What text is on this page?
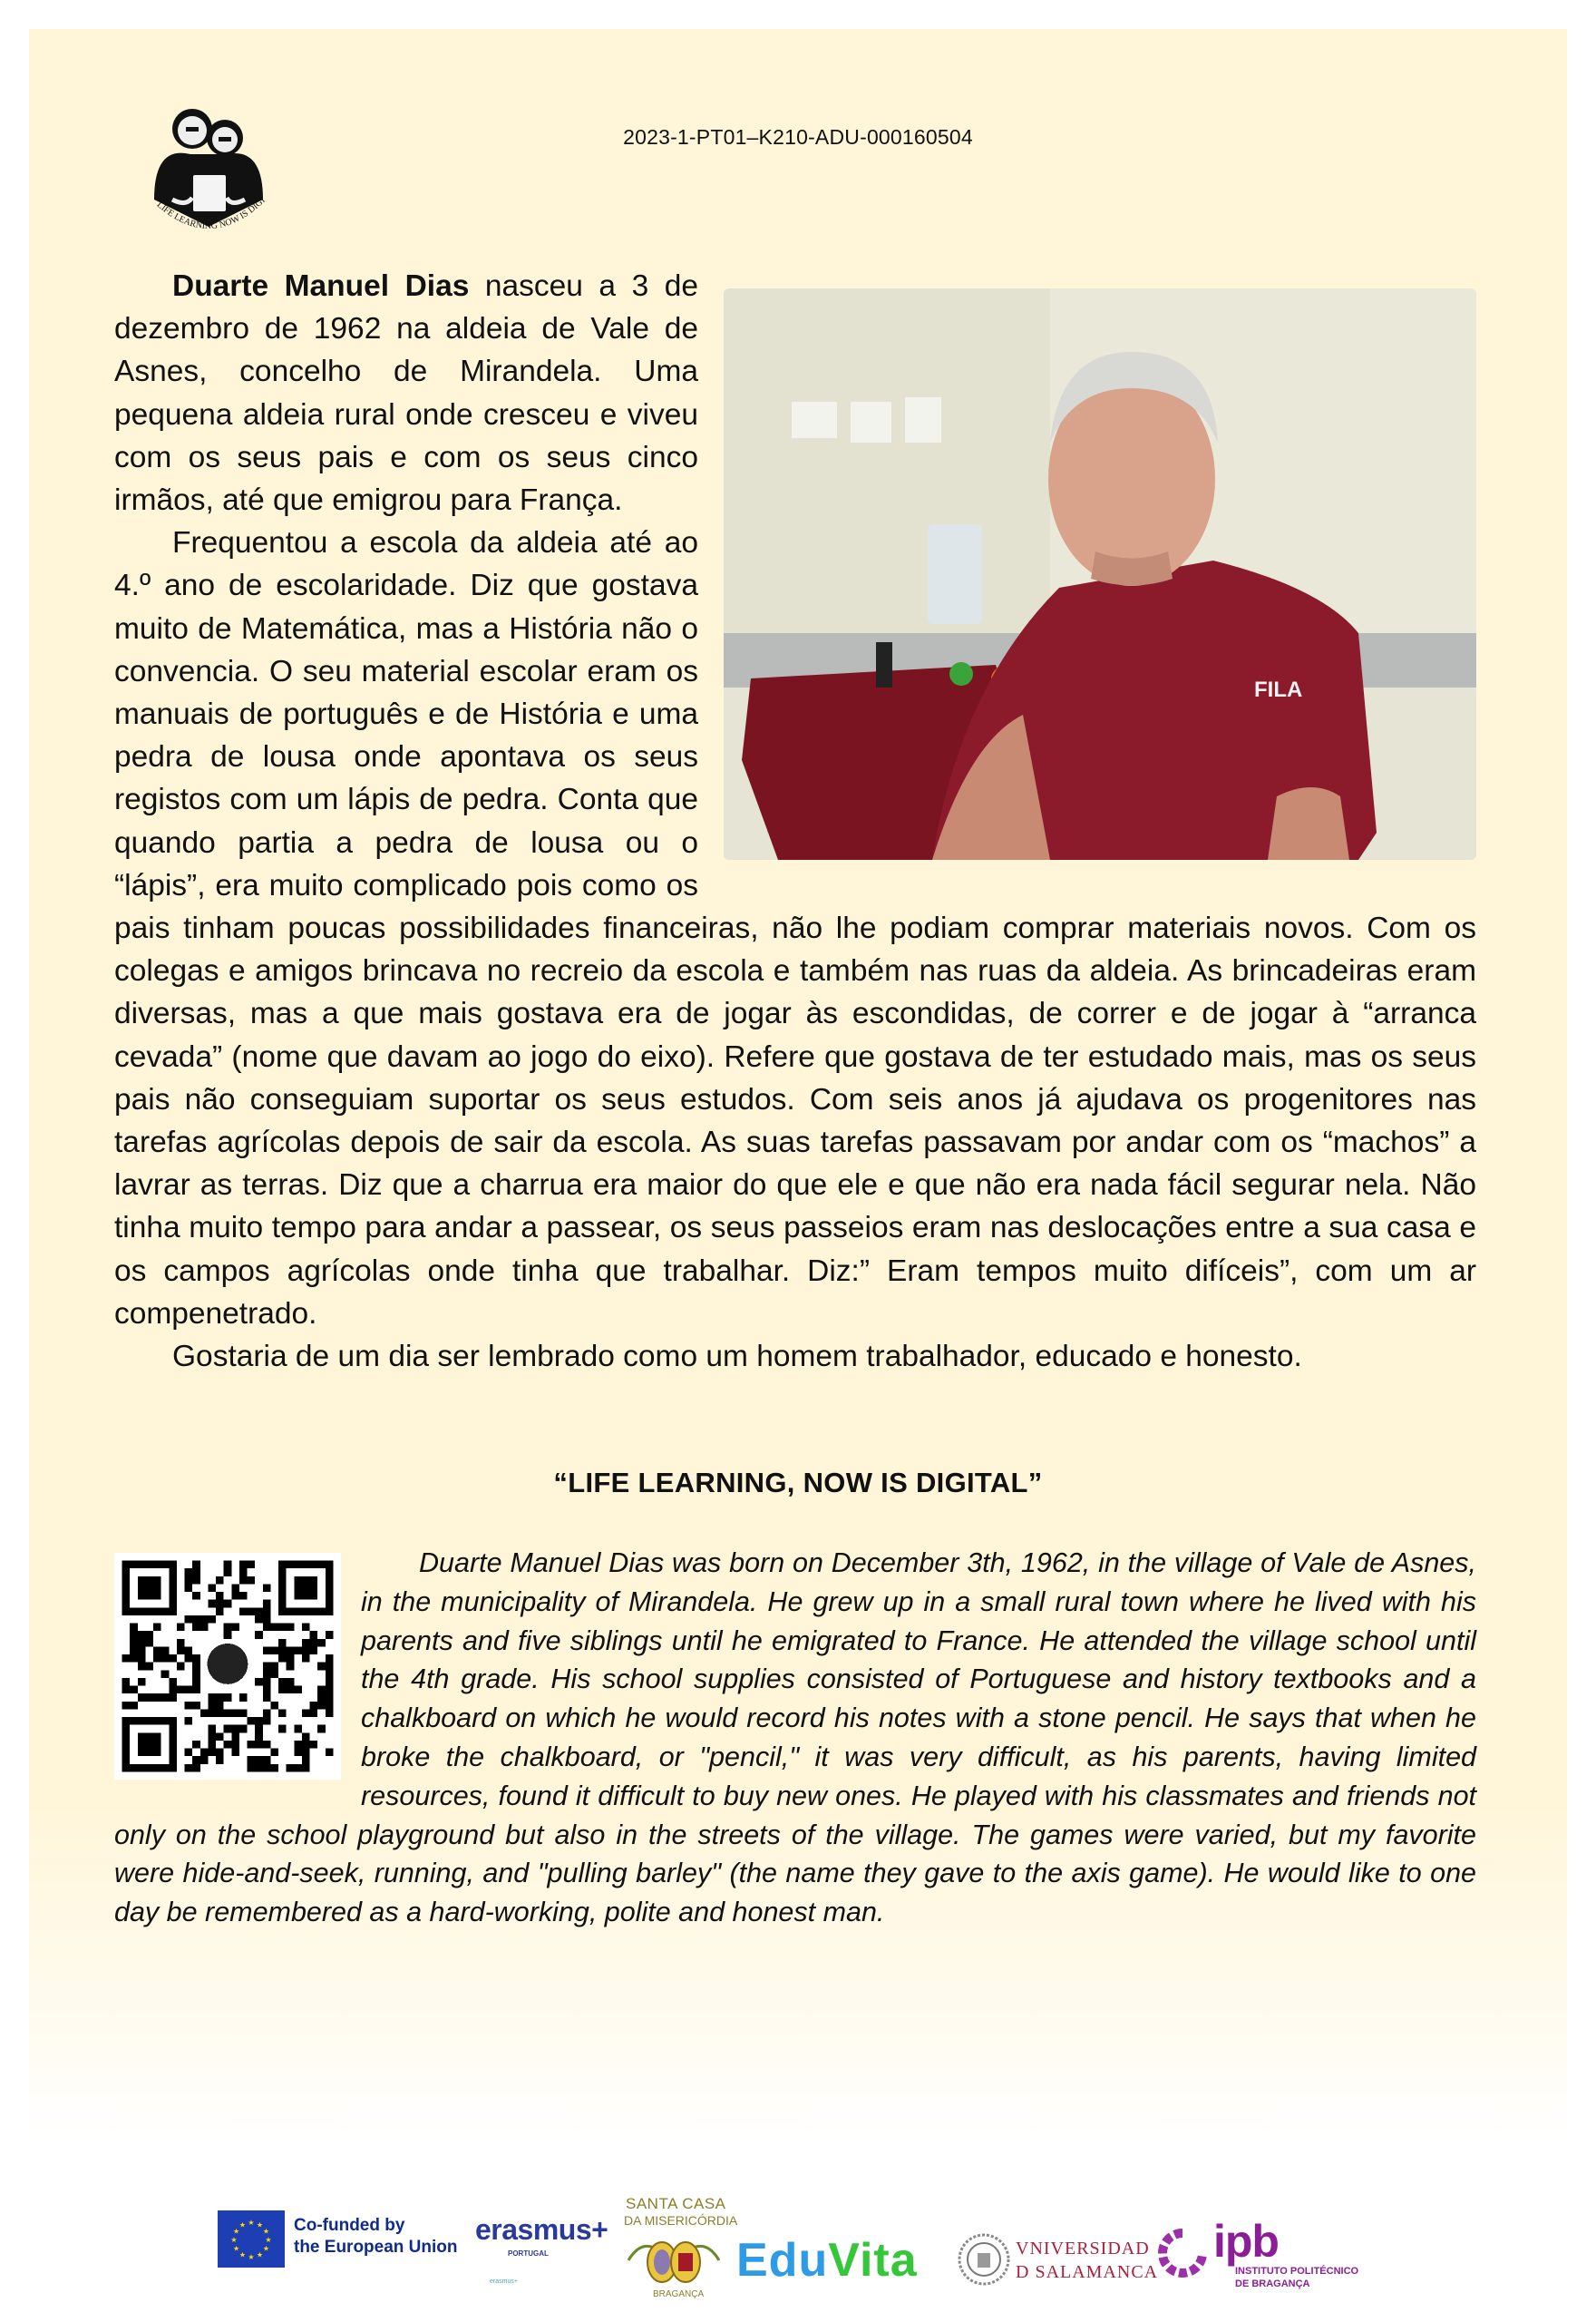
LIFE LEARNING NOW IS DIGI
2023-1-PT01–K210-ADU-000160504
FILA

Duarte Manuel Dias nasceu a 3 de dezembro de 1962 na aldeia de Vale de Asnes, concelho de Mirandela. Uma pequena aldeia rural onde cresceu e viveu com os seus pais e com os seus cinco irmãos, até que emigrou para França.

Frequentou a escola da aldeia até ao 4.º ano de escolaridade. Diz que gostava muito de Matemática, mas a História não o convencia. O seu material escolar eram os manuais de português e de História e uma pedra de lousa onde apontava os seus registos com um lápis de pedra. Conta que quando partia a pedra de lousa ou o “lápis”, era muito complicado pois como os pais tinham poucas possibilidades financeiras, não lhe podiam comprar materiais novos. Com os colegas e amigos brincava no recreio da escola e também nas ruas da aldeia. As brincadeiras eram diversas, mas a que mais gostava era de jogar às escondidas, de correr e de jogar à “arranca cevada” (nome que davam ao jogo do eixo). Refere que gostava de ter estudado mais, mas os seus pais não conseguiam suportar os seus estudos. Com seis anos já ajudava os progenitores nas tarefas agrícolas depois de sair da escola. As suas tarefas passavam por andar com os “machos” a lavrar as terras. Diz que a charrua era maior do que ele e que não era nada fácil segurar nela. Não tinha muito tempo para andar a passear, os seus passeios eram nas deslocações entre a sua casa e os campos agrícolas onde tinha que trabalhar. Diz:” Eram tempos muito difíceis”, com um ar compenetrado.

Gostaria de um dia ser lembrado como um homem trabalhador, educado e honesto.

“LIFE LEARNING, NOW IS DIGITAL”

Duarte Manuel Dias was born on December 3th, 1962, in the village of Vale de Asnes, in the municipality of Mirandela. He grew up in a small rural town where he lived with his parents and five siblings until he emigrated to France. He attended the village school until the 4th grade. His school supplies consisted of Portuguese and history textbooks and a chalkboard on which he would record his notes with a stone pencil. He says that when he broke the chalkboard, or "pencil," it was very difficult, as his parents, having limited resources, found it difficult to buy new ones. He played with his classmates and friends not only on the school playground but also in the streets of the village. The games were varied, but my favorite were hide-and-seek, running, and "pulling barley" (the name they gave to the axis game). He would like to one day be remembered as a hard-working, polite and honest man.

★
★
★
★
★
★
★
★
★ ★ ★
★ Co-funded by
the European Union
erasmus+
PORTUGAL
erasmus+
SANTA CASA
DA MISERICÓRDIA
BRAGANÇA
EduVita	VNIVERSIDAD
D SALAMANCA
ipb
INSTITUTO POLITÉCNICO
DE BRAGANÇA
